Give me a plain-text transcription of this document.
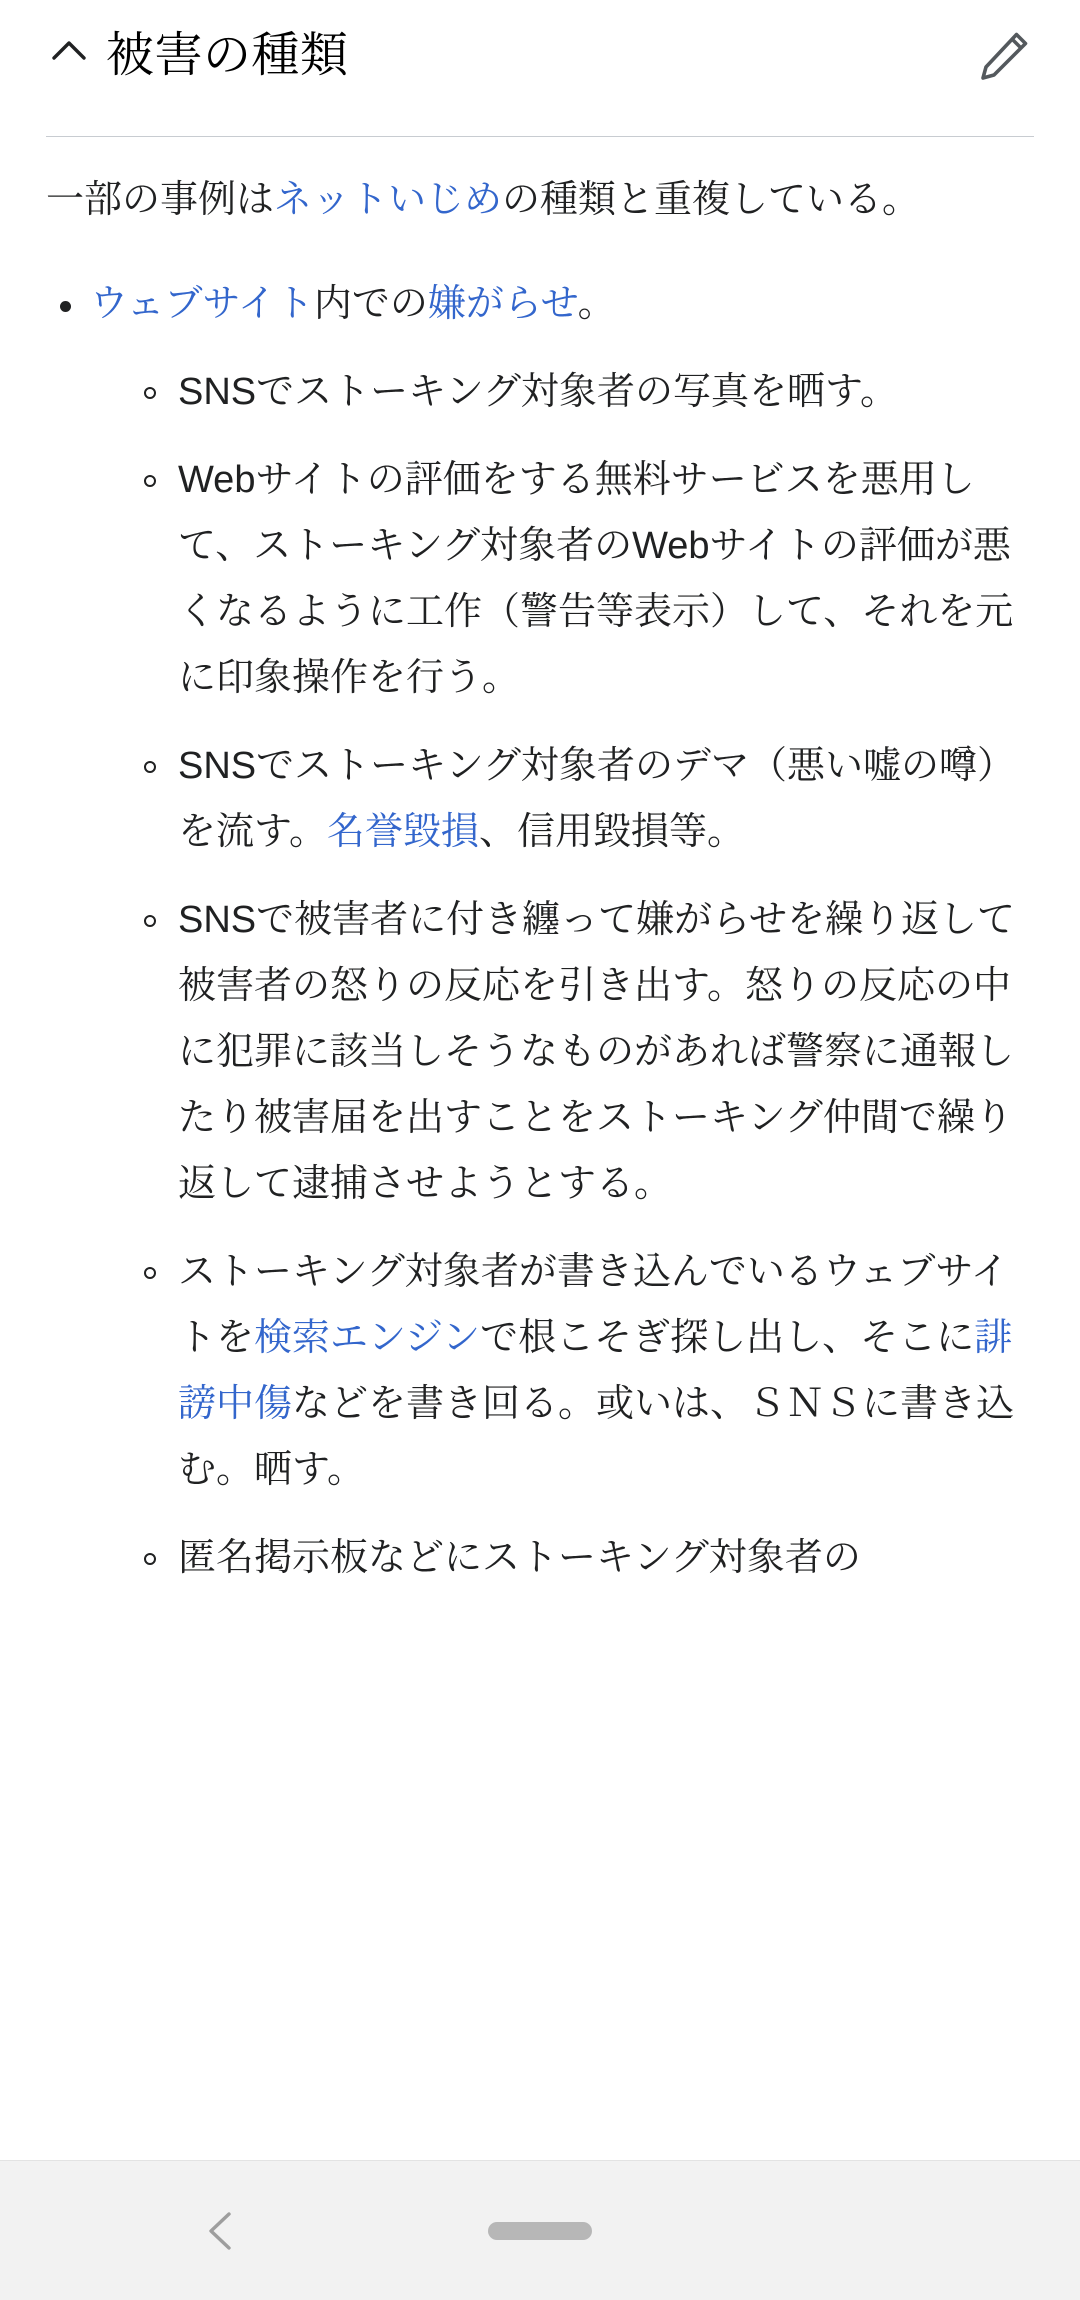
被害の種類

一部の事例はネットいじめの種類と重複している。

ウェブサイト内での嫌がらせ。
SNSでストーキング対象者の写真を晒す。
Webサイトの評価をする無料サービスを悪用して、ストーキング対象者のWebサイトの評価が悪くなるように工作（警告等表示）して、それを元に印象操作を行う。
SNSでストーキング対象者のデマ（悪い嘘の噂）を流す。名誉毀損、信用毀損等。
SNSで被害者に付き纏って嫌がらせを繰り返して被害者の怒りの反応を引き出す。怒りの反応の中に犯罪に該当しそうなものがあれば警察に通報したり被害届を出すことをストーキング仲間で繰り返して逮捕させようとする。
ストーキング対象者が書き込んでいるウェブサイトを検索エンジンで根こそぎ探し出し、そこに誹謗中傷などを書き回る。或いは、ＳＮＳに書き込む。晒す。
匿名掲示板などにストーキング対象者の
